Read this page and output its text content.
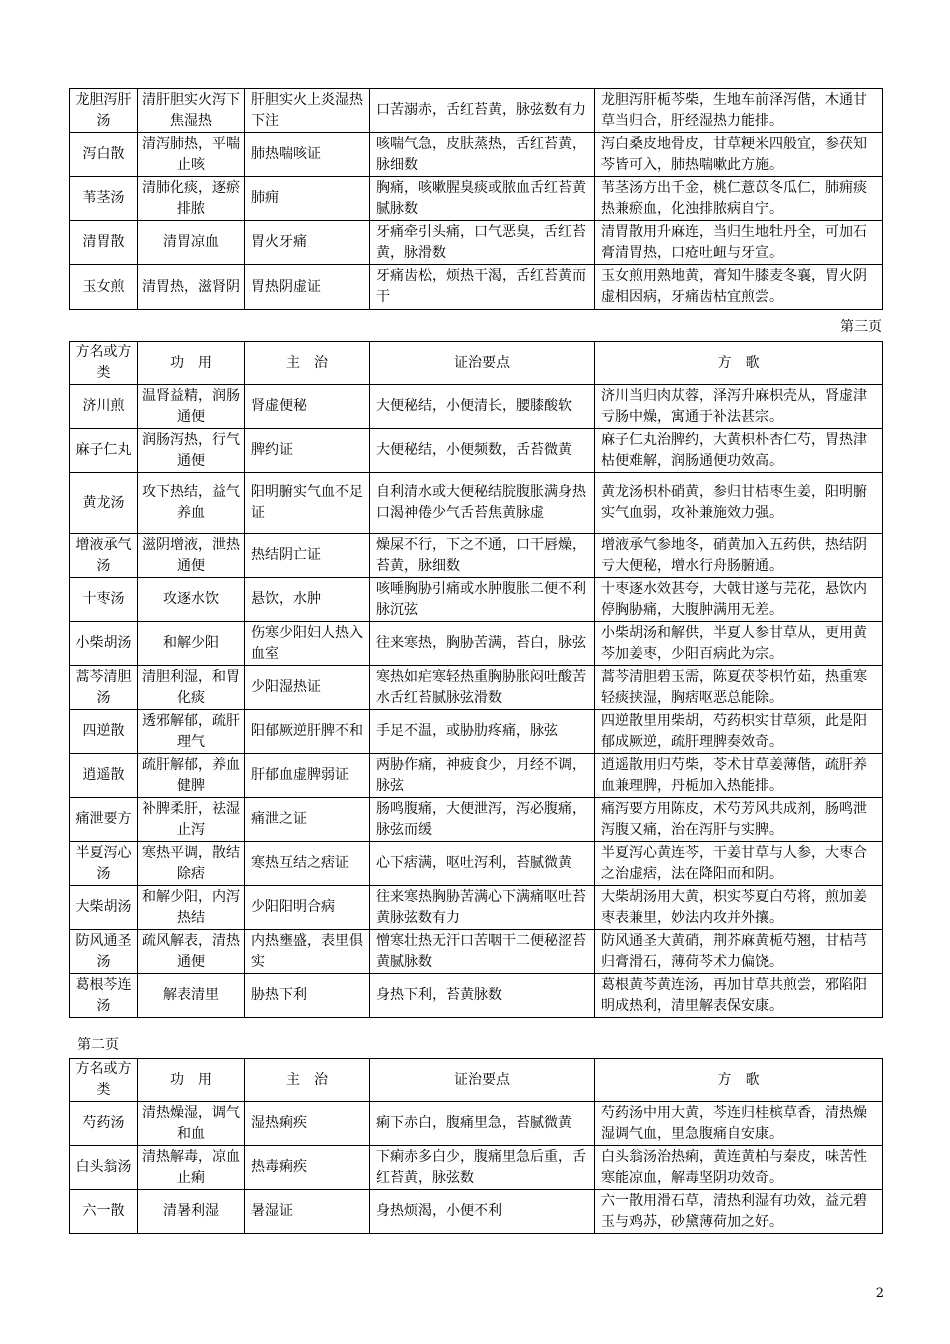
龙胆泻肝汤	清肝胆实火泻下焦湿热	肝胆实火上炎湿热下注	口苦溺赤，舌红苔黄，脉弦数有力	龙胆泻肝栀芩柴，生地车前泽泻偕，木通甘草当归合，肝经湿热力能排。
泻白散	清泻肺热，平喘止咳	肺热喘咳证	咳喘气急，皮肤蒸热，舌红苔黄，脉细数	泻白桑皮地骨皮，甘草粳米四般宜，参茯知芩皆可入，肺热喘嗽此方施。
苇茎汤	清肺化痰，逐瘀排脓	肺痈	胸痛，咳嗽腥臭痰或脓血舌红苔黄腻脉数	苇茎汤方出千金，桃仁薏苡冬瓜仁，肺痈痰热兼瘀血，化浊排脓病自宁。
清胃散	清胃凉血	胃火牙痛	牙痛牵引头痛，口气恶臭，舌红苔黄，脉滑数	清胃散用升麻连，当归生地牡丹全，可加石膏清胃热，口疮吐衄与牙宣。
玉女煎	清胃热，滋肾阴	胃热阴虚证	牙痛齿松，烦热干渴，舌红苔黄而干	玉女煎用熟地黄，膏知牛膝麦冬襄，胃火阴虚相因病，牙痛齿枯宜煎尝。
第三页
方名或方类	功　用	主　治	证治要点	方　歌
济川煎	温肾益精，润肠通便	肾虚便秘	大便秘结，小便清长，腰膝酸软	济川当归肉苁蓉，泽泻升麻枳壳从，肾虚津亏肠中燥，寓通于补法甚宗。
麻子仁丸	润肠泻热，行气通便	脾约证	大便秘结，小便频数，舌苔微黄	麻子仁丸治脾约，大黄枳朴杏仁芍，胃热津枯便难解，润肠通便功效高。
黄龙汤	攻下热结，益气养血	阳明腑实气血不足证	自利清水或大便秘结脘腹胀满身热口渴神倦少气舌苔焦黄脉虚	黄龙汤枳朴硝黄，参归甘桔枣生姜，阳明腑实气血弱，攻补兼施效力强。
增液承气汤	滋阴增液，泄热通便	热结阴亡证	燥屎不行，下之不通，口干唇燥，苔黄，脉细数	增液承气参地冬，硝黄加入五药供，热结阴亏大便秘，增水行舟肠腑通。
十枣汤	攻逐水饮	悬饮，水肿	咳唾胸胁引痛或水肿腹胀二便不利脉沉弦	十枣逐水效甚夸，大戟甘遂与芫花，悬饮内停胸胁痛，大腹肿满用无差。
小柴胡汤	和解少阳	伤寒少阳妇人热入血室	往来寒热，胸胁苦满，苔白，脉弦	小柴胡汤和解供，半夏人参甘草从，更用黄芩加姜枣，少阳百病此为宗。
蒿芩清胆汤	清胆利湿，和胃化痰	少阳湿热证	寒热如疟寒轻热重胸胁胀闷吐酸苦水舌红苔腻脉弦滑数	蒿芩清胆碧玉需，陈夏茯苓枳竹茹，热重寒轻痰挟湿，胸痞呕恶总能除。
四逆散	透邪解郁，疏肝理气	阳郁厥逆肝脾不和	手足不温，或胁肋疼痛，脉弦	四逆散里用柴胡，芍药枳实甘草须，此是阳郁成厥逆，疏肝理脾奏效奇。
逍遥散	疏肝解郁，养血健脾	肝郁血虚脾弱证	两胁作痛，神疲食少，月经不调，脉弦	逍遥散用归芍柴，苓术甘草姜薄偕，疏肝养血兼理脾，丹栀加入热能排。
痛泄要方	补脾柔肝，祛湿止泻	痛泄之证	肠鸣腹痛，大便泄泻，泻必腹痛，脉弦而缓	痛泻要方用陈皮，术芍芳风共成剂，肠鸣泄泻腹又痛，治在泻肝与实脾。
半夏泻心汤	寒热平调，散结除痞	寒热互结之痞证	心下痞满，呕吐泻利，苔腻微黄	半夏泻心黄连芩，干姜甘草与人参，大枣合之治虚痞，法在降阳而和阴。
大柴胡汤	和解少阳，内泻热结	少阳阳明合病	往来寒热胸胁苦满心下满痛呕吐苔黄脉弦数有力	大柴胡汤用大黄，枳实芩夏白芍将，煎加姜枣表兼里，妙法内攻并外攘。
防风通圣汤	疏风解表，清热通便	内热壅盛，表里俱实	憎寒壮热无汗口苦咽干二便秘涩苔黄腻脉数	防风通圣大黄硝，荆芥麻黄栀芍翘，甘桔芎归膏滑石，薄荷芩术力偏饶。
葛根芩连汤	解表清里	胁热下利	身热下利，苔黄脉数	葛根黄芩黄连汤，再加甘草共煎尝，邪陷阳明成热利，清里解表保安康。
第二页
方名或方类	功　用	主　治	证治要点	方　歌
芍药汤	清热燥湿，调气和血	湿热痢疾	痢下赤白，腹痛里急，苔腻微黄	芍药汤中用大黄，芩连归桂槟草香，清热燥湿调气血，里急腹痛自安康。
白头翁汤	清热解毒，凉血止痢	热毒痢疾	下痢赤多白少，腹痛里急后重，舌红苔黄，脉弦数	白头翁汤治热痢，黄连黄柏与秦皮，味苦性寒能凉血，解毒坚阴功效奇。
六一散	清暑利湿	暑湿证	身热烦渴，小便不利	六一散用滑石草，清热利湿有功效，益元碧玉与鸡苏，砂黛薄荷加之好。
2
